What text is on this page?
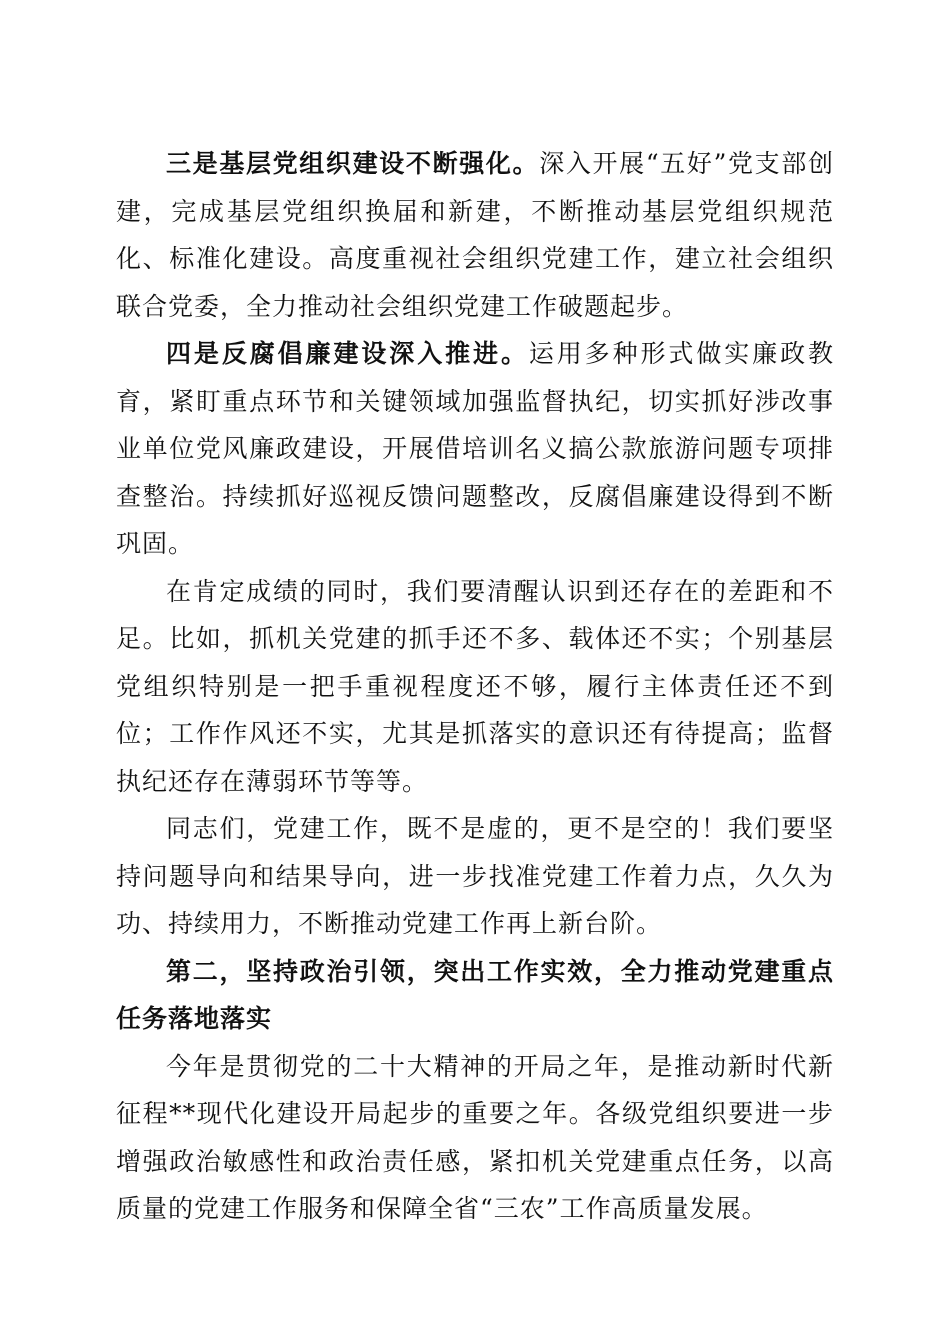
三是基层党组织建设不断强化。深入开展“五好”党支部创建，完成基层党组织换届和新建，不断推动基层党组织规范化、标准化建设。高度重视社会组织党建工作，建立社会组织联合党委，全力推动社会组织党建工作破题起步。

四是反腐倡廉建设深入推进。运用多种形式做实廉政教育，紧盯重点环节和关键领域加强监督执纪，切实抓好涉改事业单位党风廉政建设，开展借培训名义搞公款旅游问题专项排查整治。持续抓好巡视反馈问题整改，反腐倡廉建设得到不断巩固。

在肯定成绩的同时，我们要清醒认识到还存在的差距和不足。比如，抓机关党建的抓手还不多、载体还不实；个别基层党组织特别是一把手重视程度还不够，履行主体责任还不到位；工作作风还不实，尤其是抓落实的意识还有待提高；监督执纪还存在薄弱环节等等。

同志们，党建工作，既不是虚的，更不是空的！我们要坚持问题导向和结果导向，进一步找准党建工作着力点，久久为功、持续用力，不断推动党建工作再上新台阶。

第二，坚持政治引领，突出工作实效，全力推动党建重点任务落地落实

今年是贯彻党的二十大精神的开局之年，是推动新时代新征程**现代化建设开局起步的重要之年。各级党组织要进一步增强政治敏感性和政治责任感，紧扣机关党建重点任务，以高质量的党建工作服务和保障全省“三农”工作高质量发展。
